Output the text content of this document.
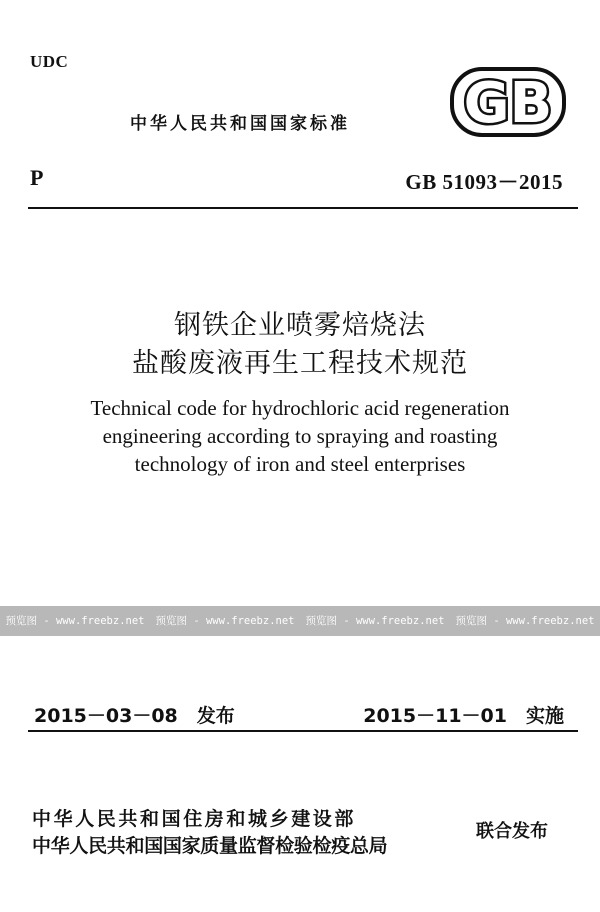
UDC
中华人民共和国国家标准 GB
P	GB 51093－2015
钢铁企业喷雾焙烧法
盐酸废液再生工程技术规范
Technical code for hydrochloric acid regeneration
engineering according to spraying and roasting
technology of iron and steel enterprises
预览图 - www.freebz.net 预览图 - www.freebz.net 预览图 - www.freebz.net 预览图 - www.freebz.net
2015－03－08　发布	2015－11－01　实施
中华人民共和国住房和城乡建设部
中华人民共和国国家质量监督检验检疫总局
联合发布
